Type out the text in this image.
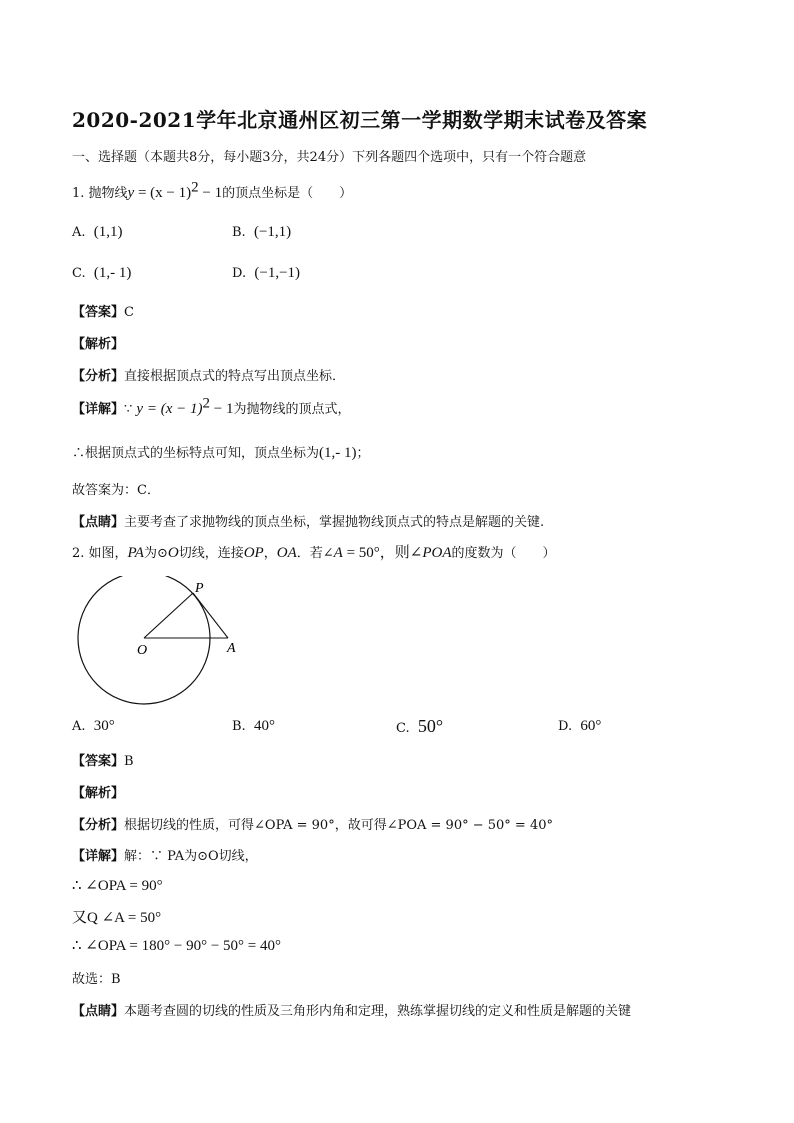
2020-2021学年北京通州区初三第一学期数学期末试卷及答案
一、选择题（本题共8分，每小题3分，共24分）下列各题四个选项中，只有一个符合题意
1. 抛物线$y = (x - 1)^2 - 1$的顶点坐标是（　　）
A. (1,1)	B. (−1,1)
C. (1,- 1)	D. (−1,−1)
【答案】C
【解析】
【分析】直接根据顶点式的特点写出顶点坐标．
【详解】∵ $y = (x - 1)^2 - 1$为抛物线的顶点式，
∴根据顶点式的坐标特点可知，顶点坐标为(1,- 1)；
故答案为：C．
【点睛】主要考查了求抛物线的顶点坐标，掌握抛物线顶点式的特点是解题的关键.
2. 如图，PA为⊙O切线，连接OP，OA．若∠A = 50°，则∠POA的度数为（　　）
P
O	A
A. 30°	B. 40°	C. 50°	D. 60°
【答案】B
【解析】
【分析】根据切线的性质，可得∠OPA = 90°，故可得∠POA = 90° − 50° = 40°
【详解】解：∵ PA为⊙O切线，
∴ ∠OPA = 90°
又Q ∠A = 50°
∴ ∠OPA = 180° − 90° − 50° = 40°
故选：B
【点睛】本题考查圆的切线的性质及三角形内角和定理，熟练掌握切线的定义和性质是解题的关键
